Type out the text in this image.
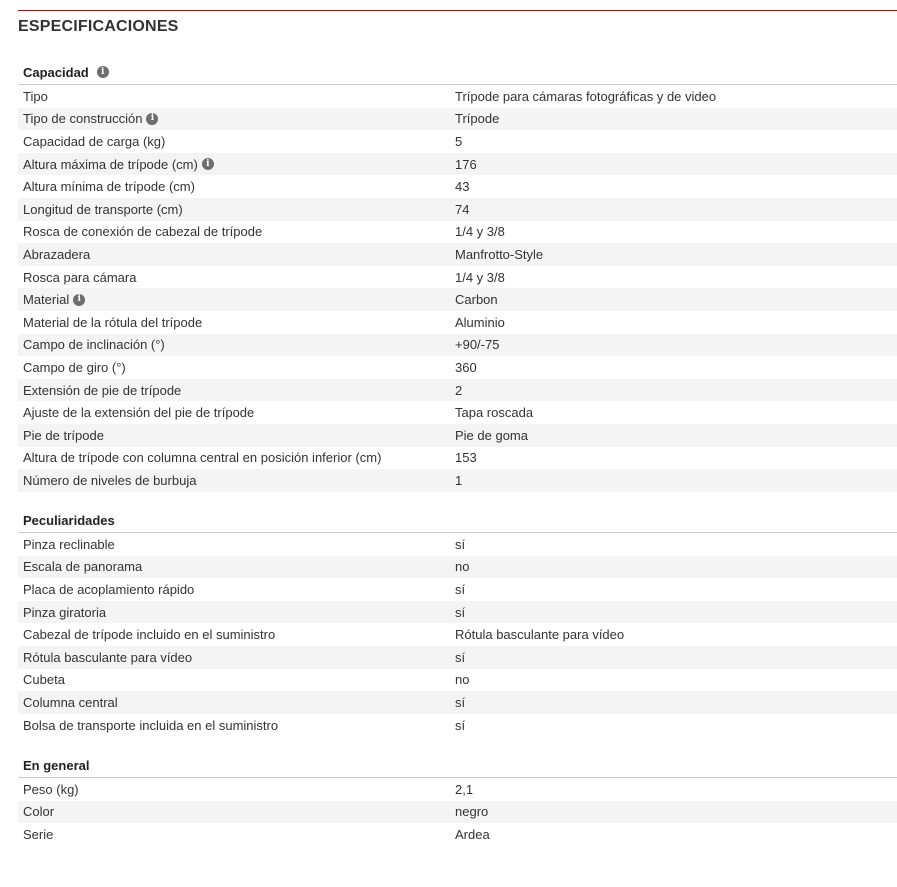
ESPECIFICACIONES
Capacidad	i
Tipo	Trípode para cámaras fotográficas y de video
Tipo de construcción i	Trípode
Capacidad de carga (kg)	5
Altura máxima de trípode (cm) i	176
Altura mínima de trípode (cm)	43
Longitud de transporte (cm)	74
Rosca de conexión de cabezal de trípode	1/4 y 3/8
Abrazadera	Manfrotto-Style
Rosca para cámara	1/4 y 3/8
Material i	Carbon
Material de la rótula del trípode	Aluminio
Campo de inclinación (°)	+90/-75
Campo de giro (°)	360
Extensión de pie de trípode	2
Ajuste de la extensión del pie de trípode	Tapa roscada
Pie de trípode	Pie de goma
Altura de trípode con columna central en posición inferior (cm)	153
Número de niveles de burbuja	1
Peculiaridades
Pinza reclinable	sí
Escala de panorama	no
Placa de acoplamiento rápido	sí
Pinza giratoria	sí
Cabezal de trípode incluido en el suministro	Rótula basculante para vídeo
Rótula basculante para vídeo	sí
Cubeta	no
Columna central	sí
Bolsa de transporte incluida en el suministro	sí
En general
Peso (kg)	2,1
Color	negro
Serie	Ardea
